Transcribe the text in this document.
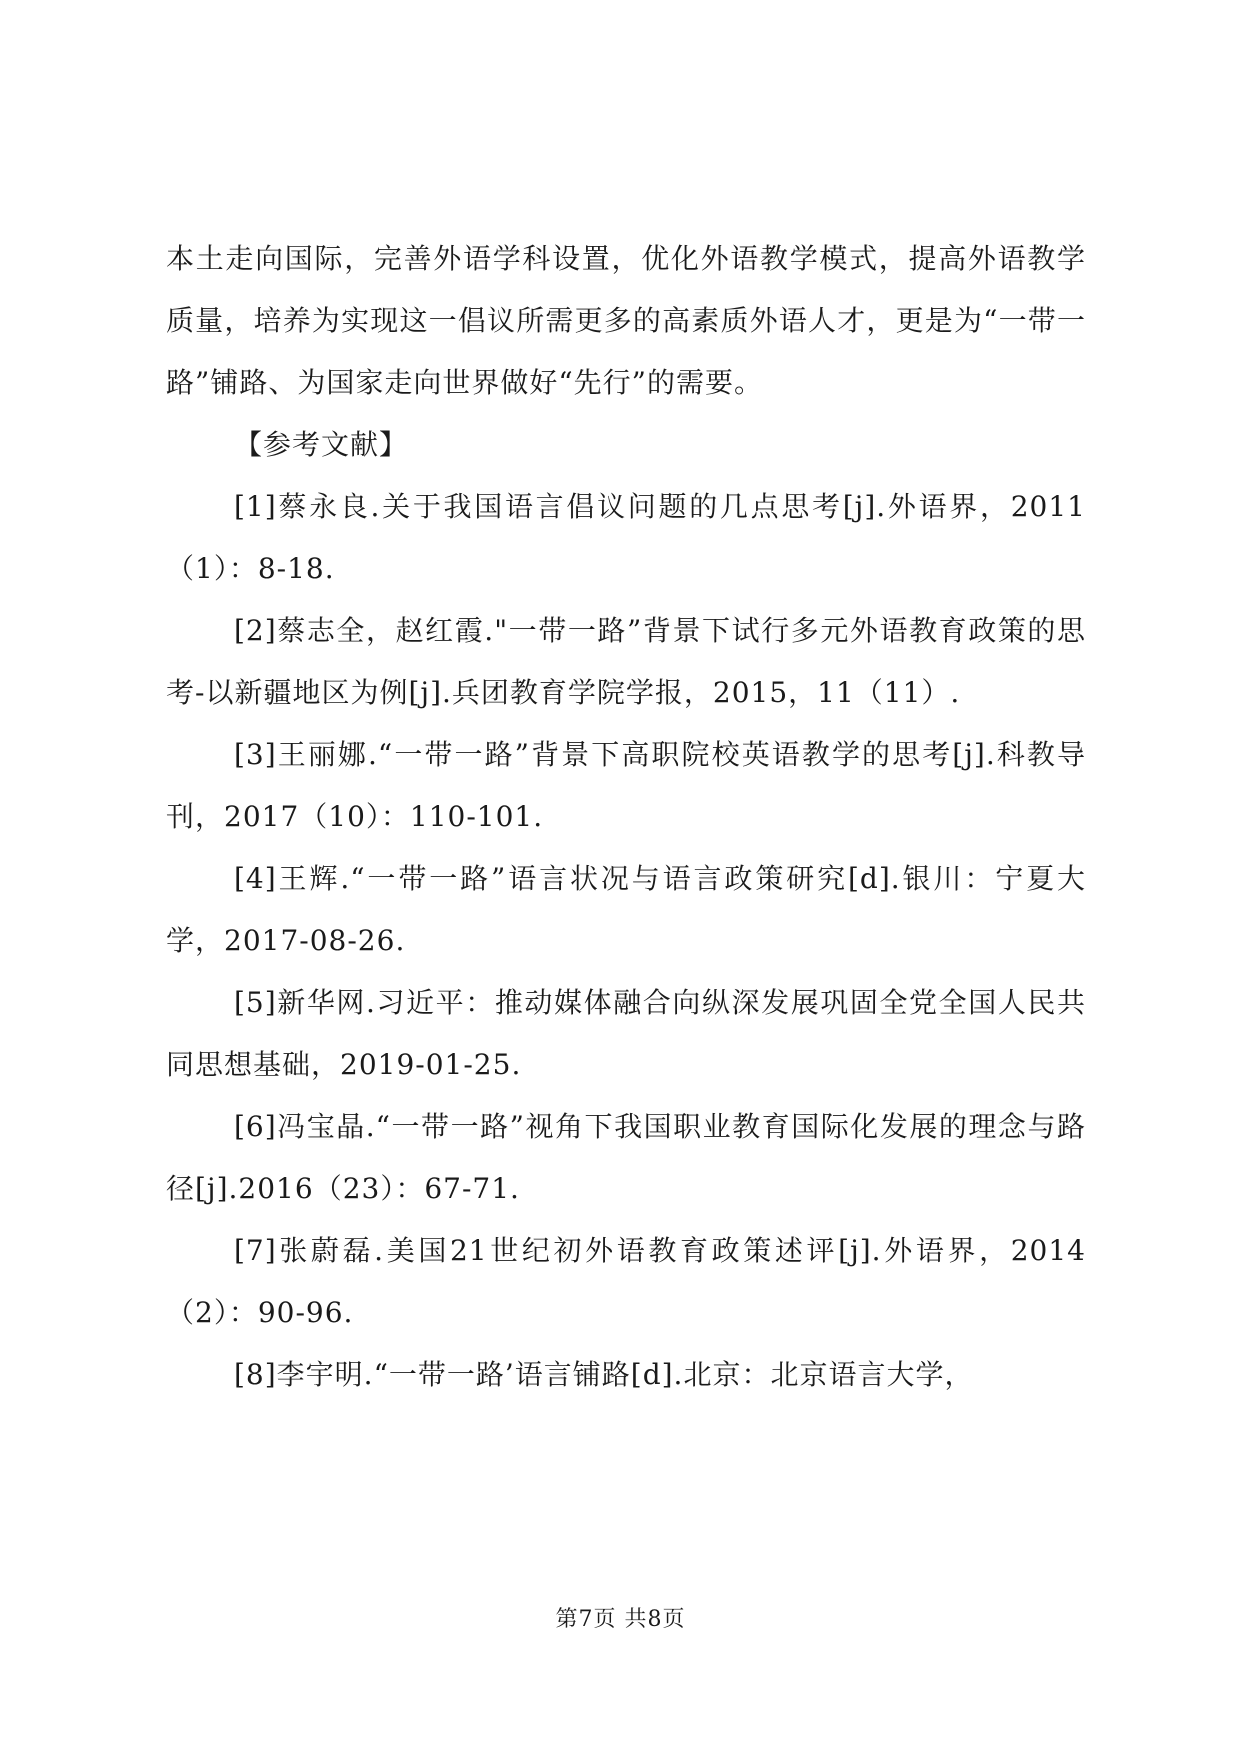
本土走向国际，完善外语学科设置，优化外语教学模式，提高外语教学质量，培养为实现这一倡议所需更多的高素质外语人才，更是为“一带一路”铺路、为国家走向世界做好“先行”的需要。

【参考文献】

[1]蔡永良.关于我国语言倡议问题的几点思考[j].外语界，2011（1）：8-18.

[2]蔡志全，赵红霞."一带一路”背景下试行多元外语教育政策的思考-以新疆地区为例[j].兵团教育学院学报，2015，11（11）.

[3]王丽娜.“一带一路”背景下高职院校英语教学的思考[j].科教导刊，2017（10）：110-101.

[4]王辉.“一带一路”语言状况与语言政策研究[d].银川：宁夏大学，2017-08-26.

[5]新华网.习近平：推动媒体融合向纵深发展巩固全党全国人民共同思想基础，2019-01-25.

[6]冯宝晶.“一带一路”视角下我国职业教育国际化发展的理念与路径[j].2016（23）：67-71.

[7]张蔚磊.美国21世纪初外语教育政策述评[j].外语界，2014（2）：90-96.

[8]李宇明.“一带一路’语言铺路[d].北京：北京语言大学，

第7页 共8页
